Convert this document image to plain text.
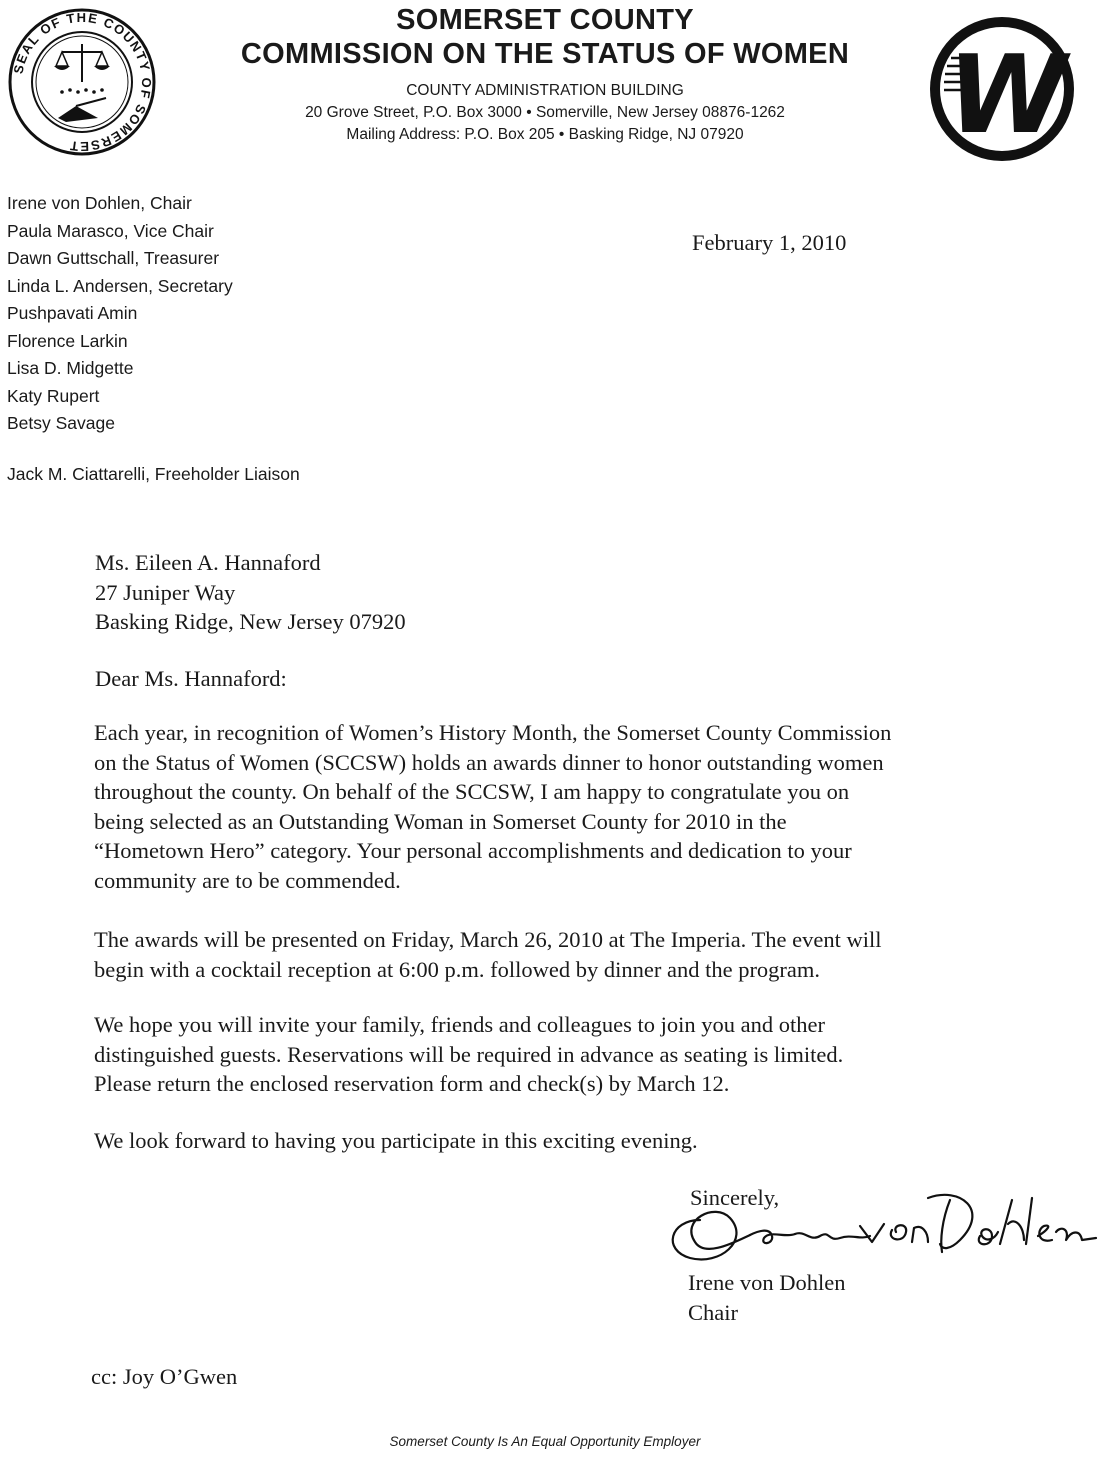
SEAL OF THE COUNTY OF SOMERSET
SOMERSET COUNTY
COMMISSION ON THE STATUS OF WOMEN
COUNTY ADMINISTRATION BUILDING
20 Grove Street, P.O. Box 3000 • Somerville, New Jersey 08876-1262
Mailing Address: P.O. Box 205 • Basking Ridge, NJ 07920	W
Irene von Dohlen, Chair
Paula Marasco, Vice Chair
Dawn Guttschall, Treasurer
Linda L. Andersen, Secretary
Pushpavati Amin
Florence Larkin
Lisa D. Midgette
Katy Rupert
Betsy Savage
Jack M. Ciattarelli, Freeholder Liaison
February 1, 2010
Ms. Eileen A. Hannaford
27 Juniper Way
Basking Ridge, New Jersey 07920
Dear Ms. Hannaford:
Each year, in recognition of Women’s History Month, the Somerset County Commission
on the Status of Women (SCCSW) holds an awards dinner to honor outstanding women
throughout the county. On behalf of the SCCSW, I am happy to congratulate you on
being selected as an Outstanding Woman in Somerset County for 2010 in the
“Hometown Hero” category. Your personal accomplishments and dedication to your
community are to be commended.
The awards will be presented on Friday, March 26, 2010 at The Imperia. The event will
begin with a cocktail reception at 6:00 p.m. followed by dinner and the program.
We hope you will invite your family, friends and colleagues to join you and other
distinguished guests. Reservations will be required in advance as seating is limited.
Please return the enclosed reservation form and check(s) by March 12.
We look forward to having you participate in this exciting evening.
Sincerely,
Irene von Dohlen
Chair
cc: Joy O’Gwen
Somerset County Is An Equal Opportunity Employer
